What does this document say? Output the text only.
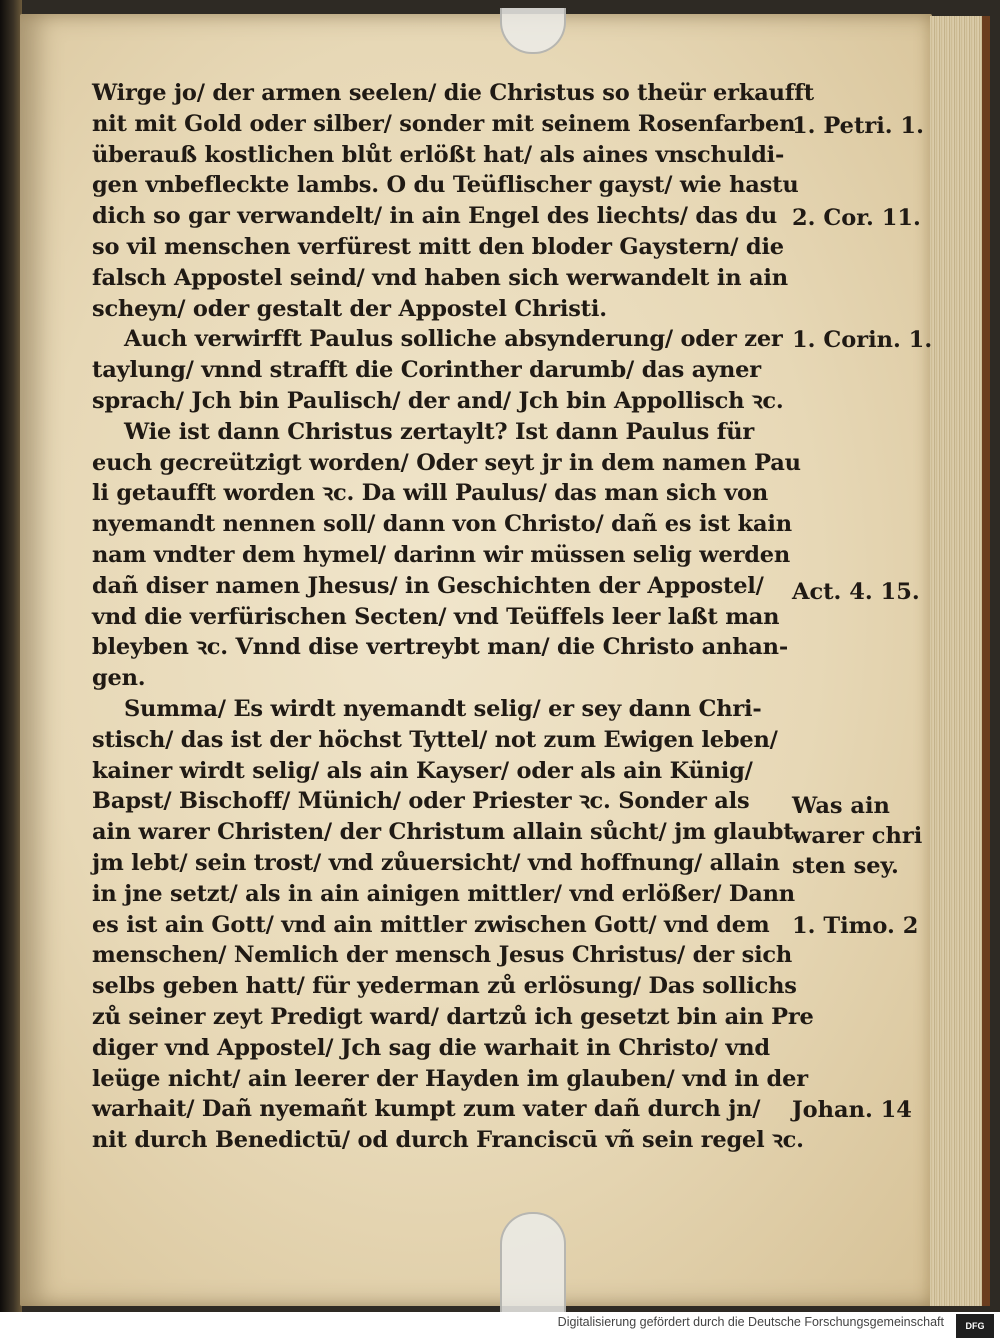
Wirge jo/ der armen seelen/ die Christus so theür erkaufft
nit mit Gold oder silber/ sonder mit seinem Rosenfarben
überauß kostlichen blůt erlößt hat/ als aines vnschuldi-
gen vnbefleckte lambs. O du Teüflischer gayst/ wie hastu
dich so gar verwandelt/ in ain Engel des liechts/ das du
so vil menschen verfürest mitt den bloder Gaystern/ die
falsch Appostel seind/ vnd haben sich werwandelt in ain
scheyn/ oder gestalt der Appostel Christi.
Auch verwirfft Paulus solliche absynderung/ oder zer
taylung/ vnnd strafft die Corinther darumb/ das ayner
sprach/ Jch bin Paulisch/ der and/ Jch bin Appollisch ꝛc.
Wie ist dann Christus zertaylt? Ist dann Paulus für
euch gecreützigt worden/ Oder seyt jr in dem namen Pau
li getaufft worden ꝛc. Da will Paulus/ das man sich von
nyemandt nennen soll/ dann von Christo/ dañ es ist kain
nam vndter dem hymel/ darinn wir müssen selig werden
dañ diser namen Jhesus/ in Geschichten der Appostel/
vnd die verfürischen Secten/ vnd Teüffels leer laßt man
bleyben ꝛc. Vnnd dise vertreybt man/ die Christo anhan-
gen.
Summa/ Es wirdt nyemandt selig/ er sey dann Chri-
stisch/ das ist der höchst Tyttel/ not zum Ewigen leben/
kainer wirdt selig/ als ain Kayser/ oder als ain Künig/
Bapst/ Bischoff/ Münich/ oder Priester ꝛc. Sonder als
ain warer Christen/ der Christum allain sůcht/ jm glaubt
jm lebt/ sein trost/ vnd zůuersicht/ vnd hoffnung/ allain
in jne setzt/ als in ain ainigen mittler/ vnd erlößer/ Dann
es ist ain Gott/ vnd ain mittler zwischen Gott/ vnd dem
menschen/ Nemlich der mensch Jesus Christus/ der sich
selbs geben hatt/ für yederman zů erlösung/ Das sollichs
zů seiner zeyt Predigt ward/ dartzů ich gesetzt bin ain Pre
diger vnd Appostel/ Jch sag die warhait in Christo/ vnd
leüge nicht/ ain leerer der Hayden im glauben/ vnd in der
warhait/ Dañ nyemañt kumpt zum vater dañ durch jn/
nit durch Benedictū/ od durch Franciscū vñ sein regel ꝛc.
1. Petri. 1.
2. Cor. 11.
1. Corin. 1.
Act. 4. 15.
Was ain
warer chri
sten sey.
1. Timo. 2
Johan. 14
Digitalisierung gefördert durch die Deutsche Forschungsgemeinschaft	DFG
